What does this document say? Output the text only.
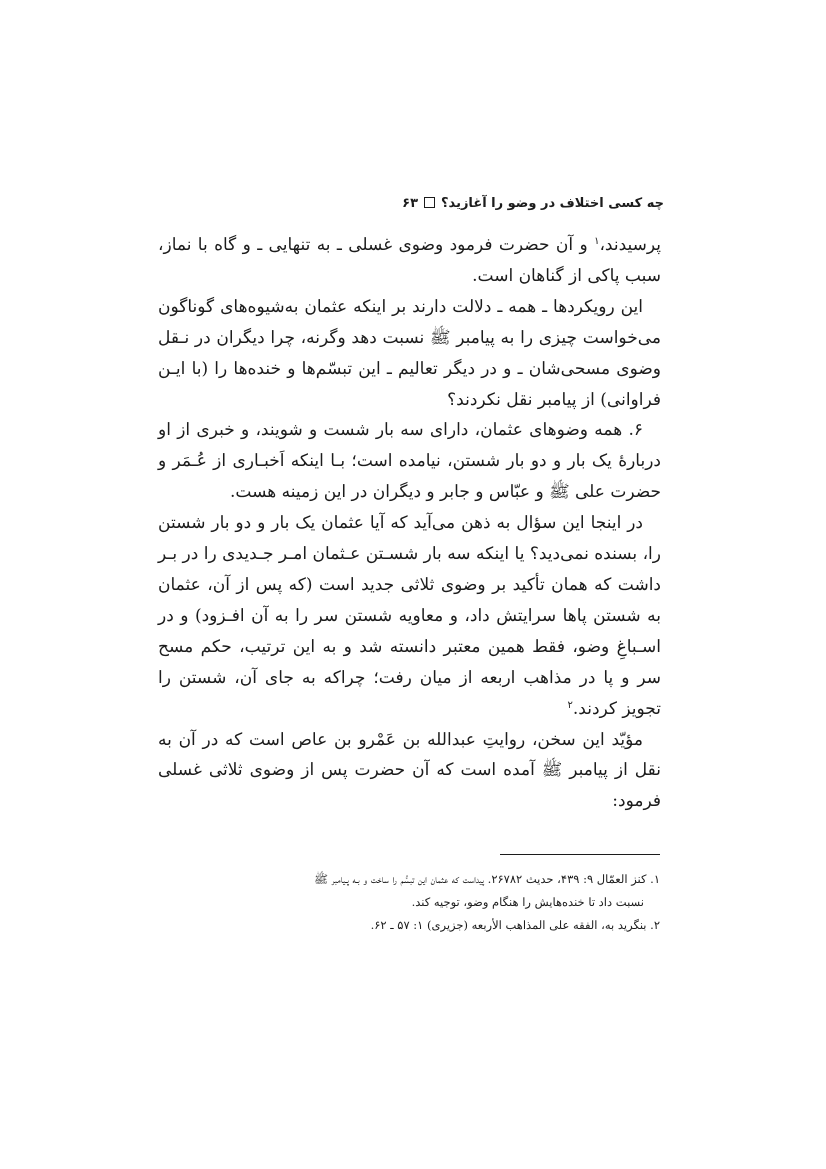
چه کسی اختلاف در وضو را آغازید؟۶۳

پرسیدند،$^۱$ و آن حضرت فرمود وضوی غسلی ـ به تنهایی ـ و گاه با نماز، سبب پاکی از گناهان است.

این رویکردها ـ همه ـ دلالت دارند بر اینکه عثمان به‌شیوه‌های گوناگون می‌خواست چیزی را به پیامبر ﷺ نسبت دهد وگرنه، چرا دیگران در نـقل وضوی مسحی‌شان ـ و در دیگر تعالیم ـ این تبسّم‌ها و خنده‌ها را (با ایـن فراوانی) از پیامبر نقل نکردند؟

۶. همه وضوهای عثمان، دارای سه بار شست و شویند، و خبری از او دربارهٔ یک بار و دو بار شستن، نیامده است؛ بـا اینکه اَخبـاری از عُـمَر و حضرت علی ﷺ و عبّاس و جابر و دیگران در این زمینه هست.

در اینجا این سؤال به ذهن می‌آید که آیا عثمان یک بار و دو بار شستن را، بسنده نمی‌دید؟ یا اینکه سه بار شسـتن عـثمان امـر جـدیدی را در بـر داشت که همان تأکید بر وضوی ثلاثی جدید است (که پس از آن، عثمان به شستن پاها سرایتش داد، و معاویه شستن سر را به آن افـزود) و در اسـباغِ وضو، فقط همین معتبر دانسته شد و به این ترتیب، حکم مسح سر و پا در مذاهب اربعه از میان رفت؛ چراکه به جای آن، شستن را تجویز کردند.$^۲$

مؤیّد این سخن، روایتِ عبدالله بن عَمْرو بن عاص است که در آن به نقل از پیامبر ﷺ آمده است که آن حضرت پس از وضوی ثلاثی غسلی فرمود:

۱. کنز العمّال ۹: ۴۳۹، حدیث ۲۶۷۸۲. پیداست که عثمان این تبسُّم را ساخت و بـه پـیامبر ﷺ

نسبت داد تا خنده‌هایش را هنگام وضو، توجیه کند.

۲. بنگرید به، الفقه علی المذاهب الأربعه (جزیری) ۱: ۵۷ ـ ۶۲.
